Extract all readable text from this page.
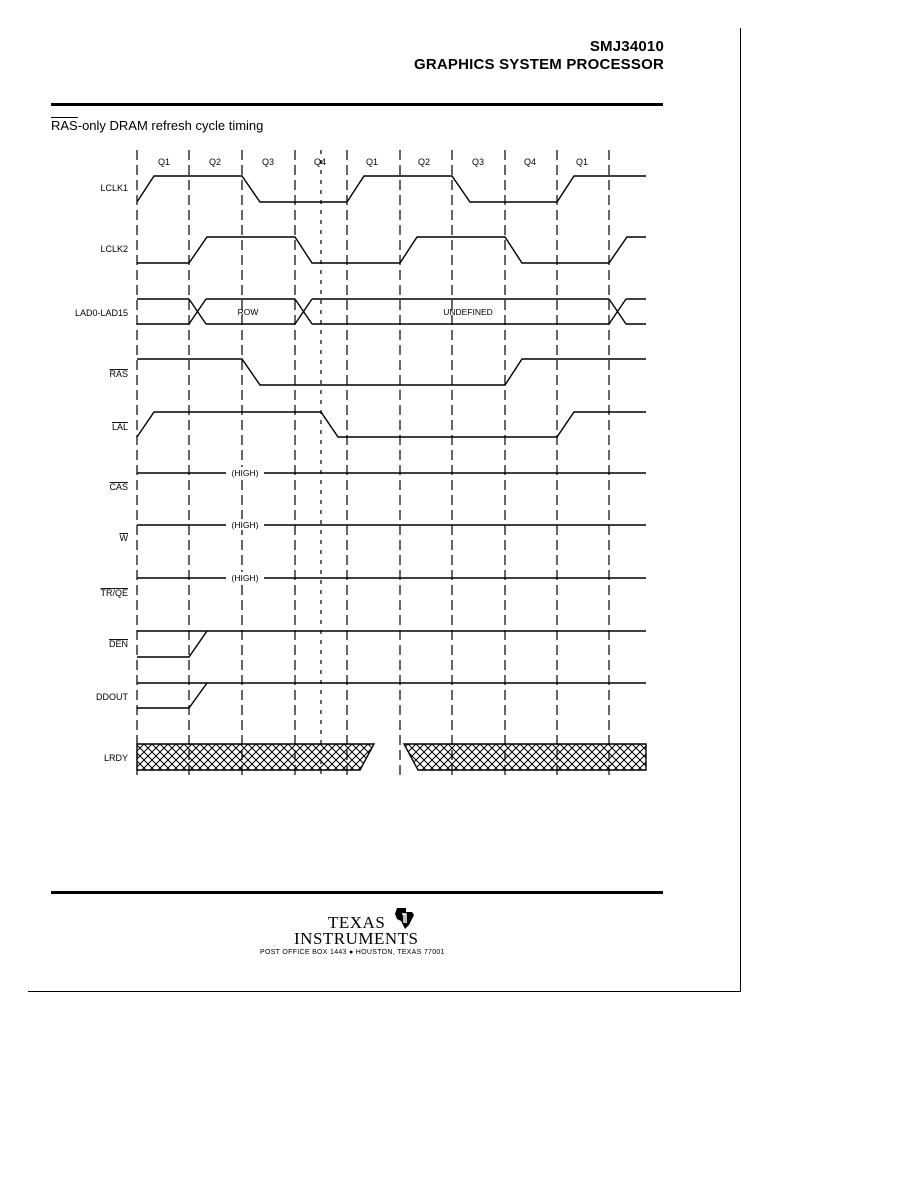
SMJ34010
GRAPHICS SYSTEM PROCESSOR
$\overline{RAS}$-only DRAM refresh cycle timing
Q1	Q2	Q3	Q4	Q1	Q2	Q3	Q4	Q1
LCLK1
LCLK2
LAD0-LAD15
RAS
LAL
CAS
W
TR/QE
DEN
DDOUT
LRDY
ROW	UNDEFINED
(HIGH)
(HIGH)
(HIGH)
TEXAS
INSTRUMENTS
POST OFFICE BOX 1443 ● HOUSTON, TEXAS 77001
